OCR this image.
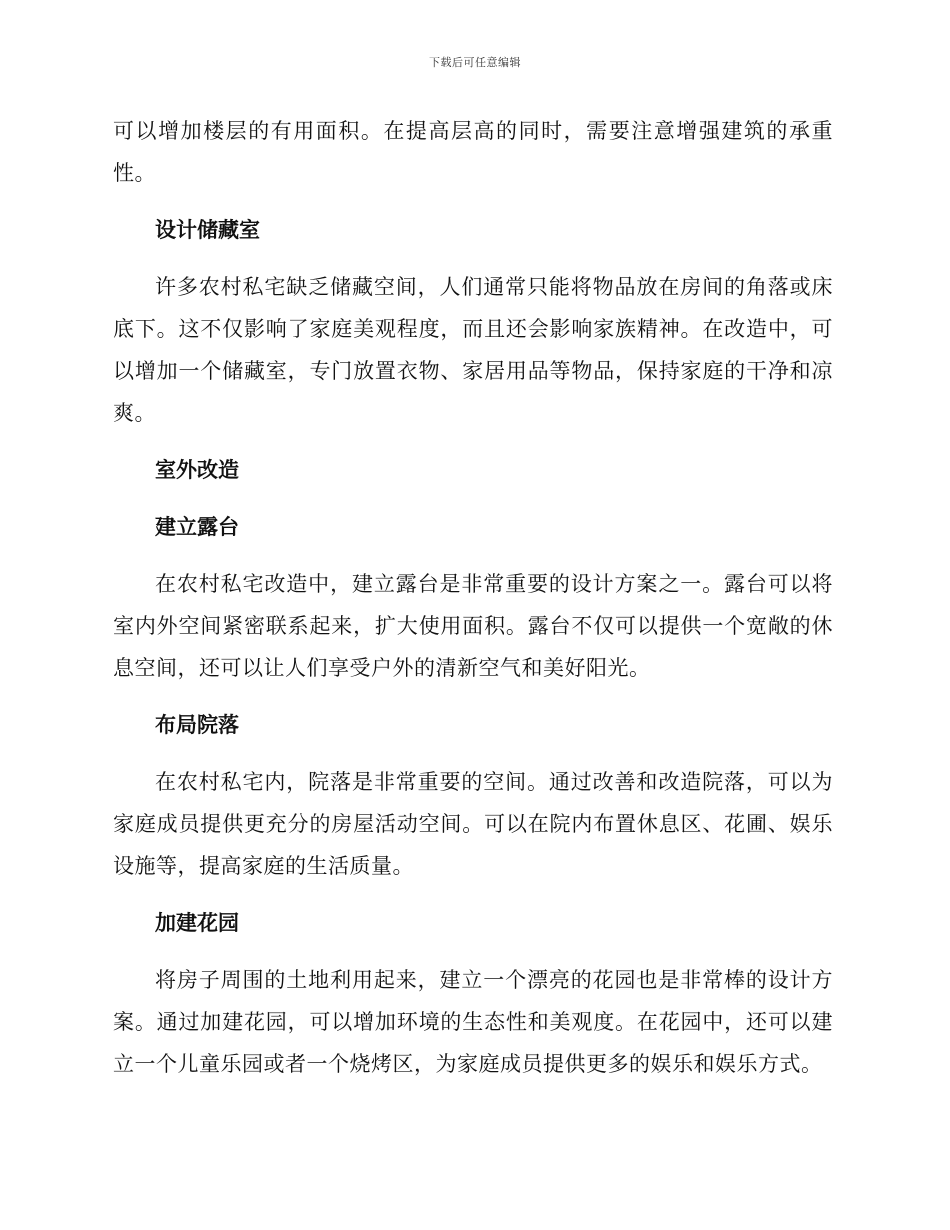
下载后可任意编辑

可以增加楼层的有用面积。在提高层高的同时，需要注意增强建筑的承重性。

设计储藏室

许多农村私宅缺乏储藏空间，人们通常只能将物品放在房间的角落或床底下。这不仅影响了家庭美观程度，而且还会影响家族精神。在改造中，可以增加一个储藏室，专门放置衣物、家居用品等物品，保持家庭的干净和凉爽。

室外改造
建立露台

在农村私宅改造中，建立露台是非常重要的设计方案之一。露台可以将室内外空间紧密联系起来，扩大使用面积。露台不仅可以提供一个宽敞的休息空间，还可以让人们享受户外的清新空气和美好阳光。

布局院落

在农村私宅内，院落是非常重要的空间。通过改善和改造院落，可以为家庭成员提供更充分的房屋活动空间。可以在院内布置休息区、花圃、娱乐设施等，提高家庭的生活质量。

加建花园

将房子周围的土地利用起来，建立一个漂亮的花园也是非常棒的设计方案。通过加建花园，可以增加环境的生态性和美观度。在花园中，还可以建立一个儿童乐园或者一个烧烤区，为家庭成员提供更多的娱乐和娱乐方式。
